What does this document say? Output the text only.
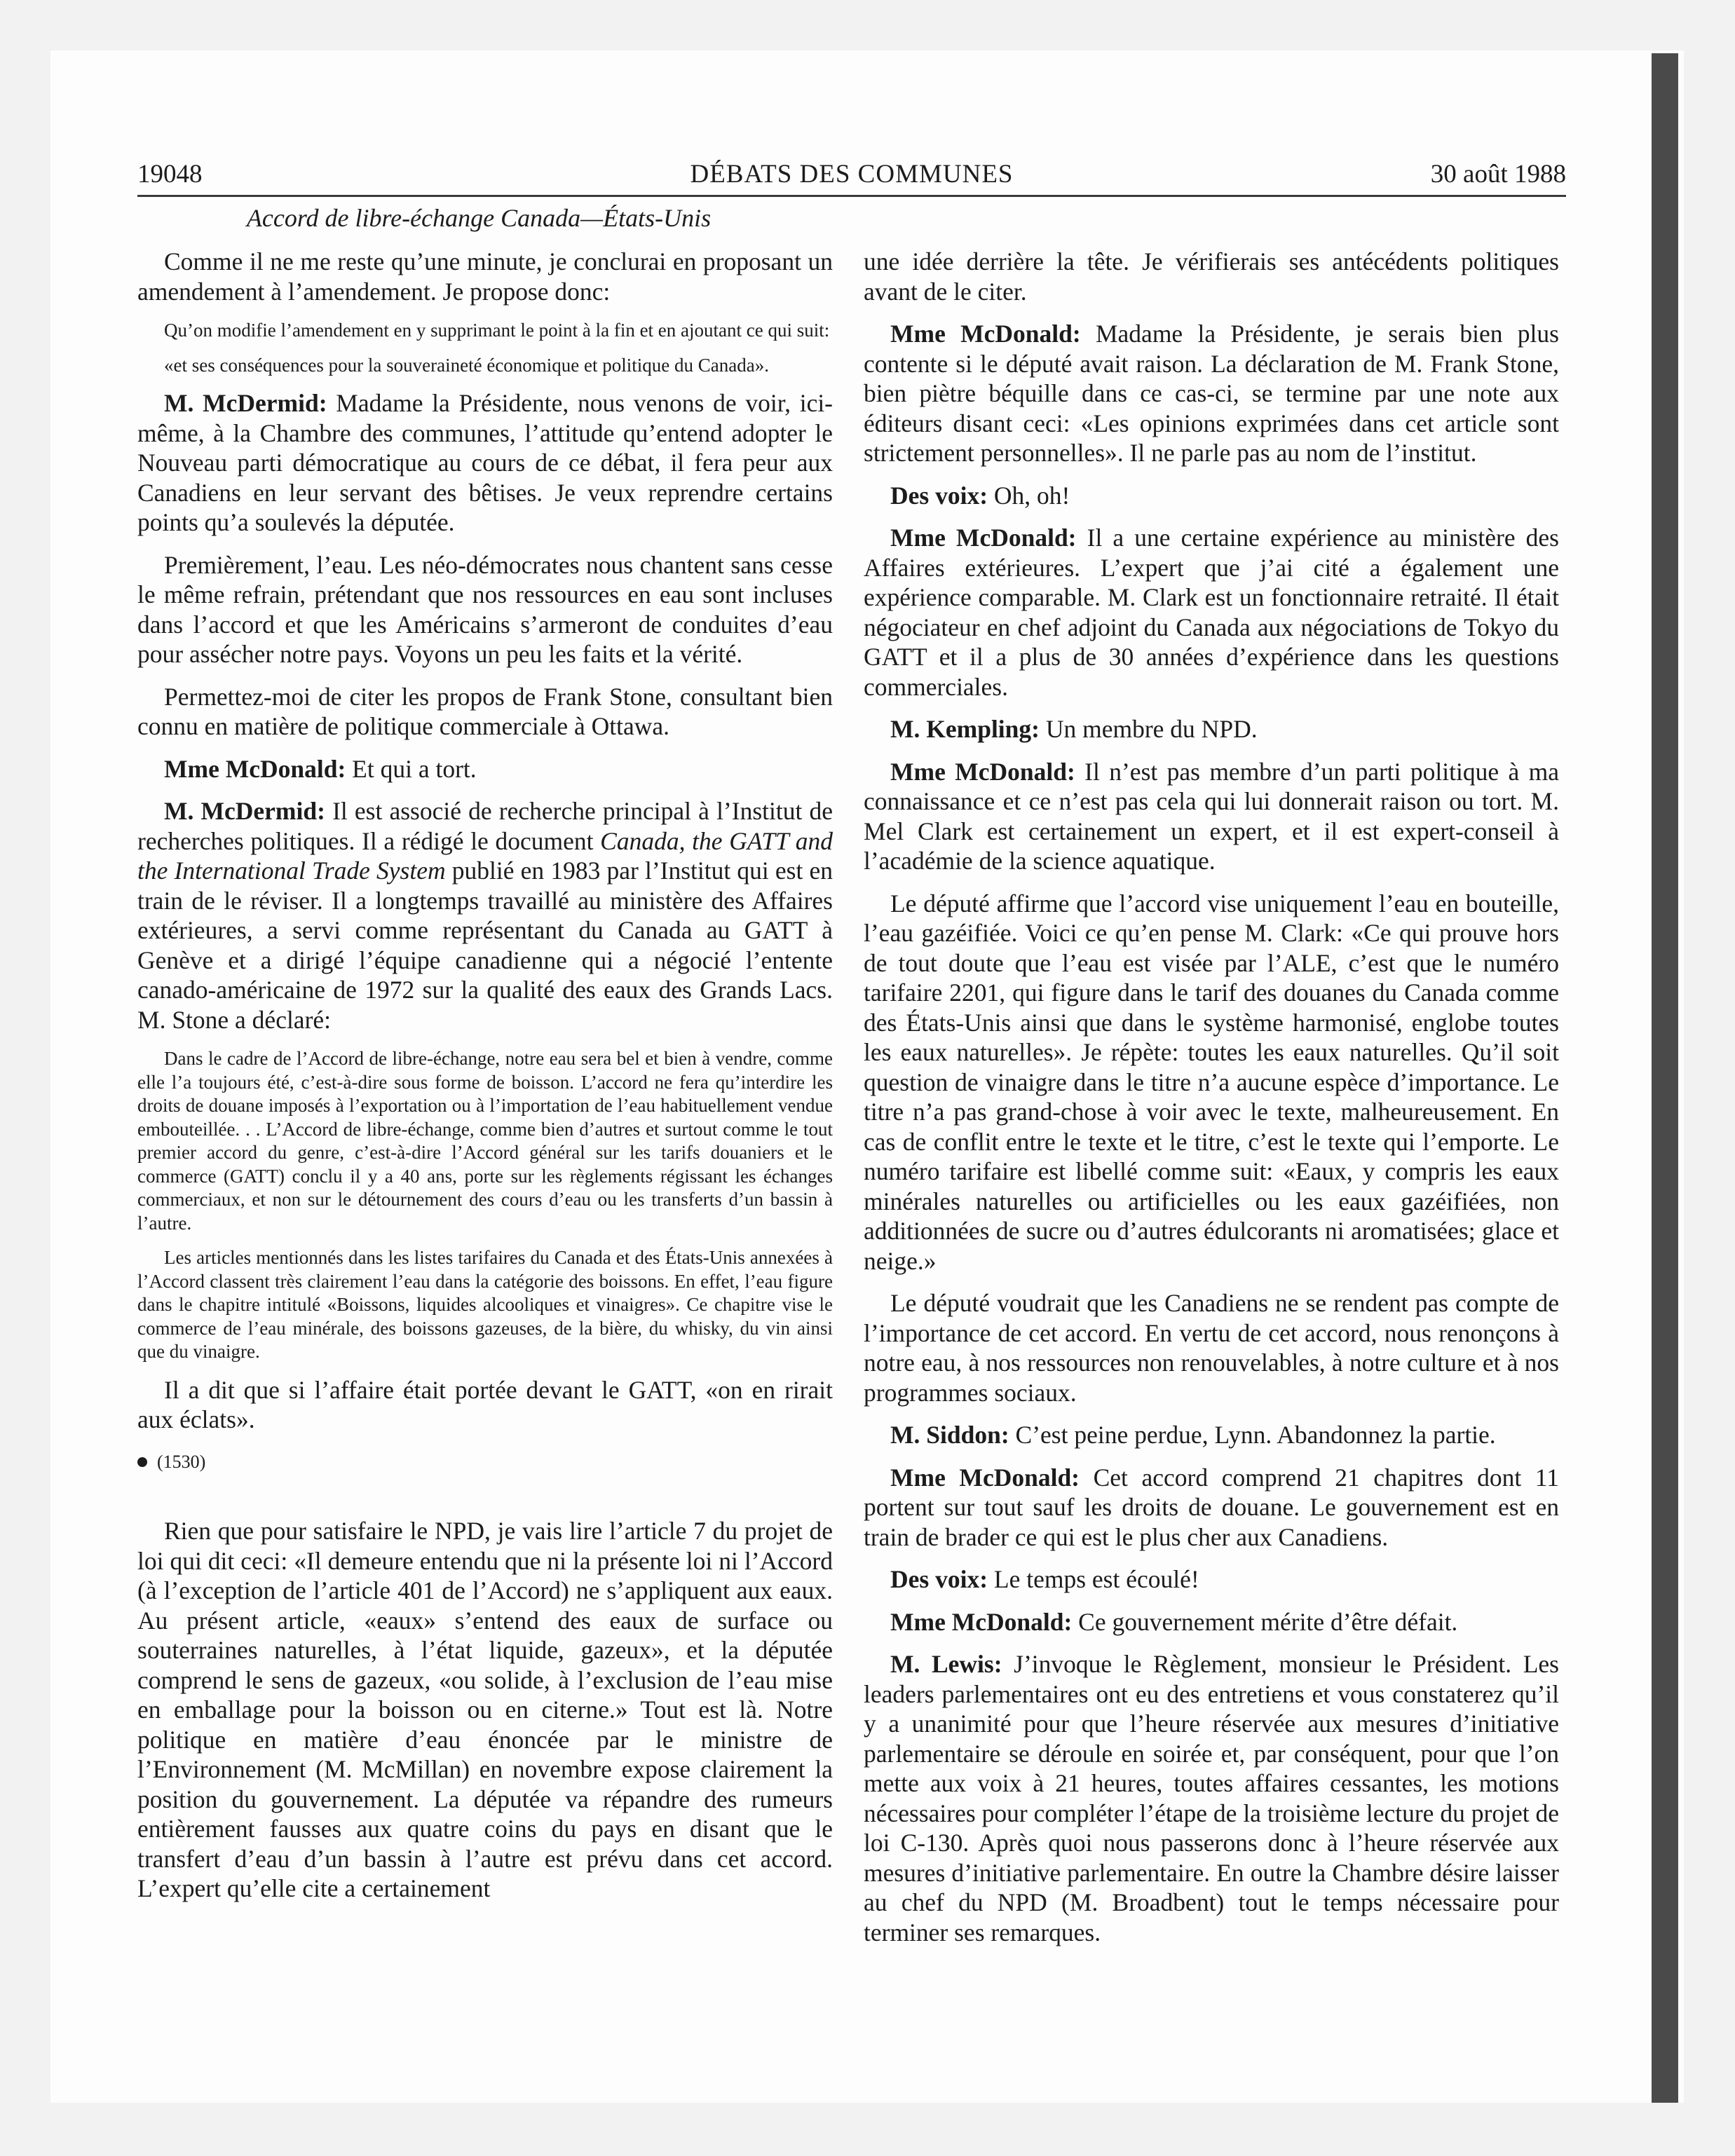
19048	DÉBATS DES COMMUNES	30 août 1988
Accord de libre-échange Canada—États-Unis

Comme il ne me reste qu’une minute, je conclurai en proposant un amendement à l’amendement. Je propose donc:

Qu’on modifie l’amendement en y supprimant le point à la fin et en ajoutant ce qui suit:

«et ses conséquences pour la souveraineté économique et politique du Canada».

M. McDermid: Madame la Présidente, nous venons de voir, ici-même, à la Chambre des communes, l’attitude qu’entend adopter le Nouveau parti démocratique au cours de ce débat, il fera peur aux Canadiens en leur servant des bêtises. Je veux reprendre certains points qu’a soulevés la députée.

Premièrement, l’eau. Les néo-démocrates nous chantent sans cesse le même refrain, prétendant que nos ressources en eau sont incluses dans l’accord et que les Américains s’armeront de conduites d’eau pour assécher notre pays. Voyons un peu les faits et la vérité.

Permettez-moi de citer les propos de Frank Stone, consultant bien connu en matière de politique commerciale à Ottawa.

Mme McDonald: Et qui a tort.

M. McDermid: Il est associé de recherche principal à l’Institut de recherches politiques. Il a rédigé le document Canada, the GATT and the International Trade System publié en 1983 par l’Institut qui est en train de le réviser. Il a longtemps travaillé au ministère des Affaires extérieures, a servi comme représentant du Canada au GATT à Genève et a dirigé l’équipe canadienne qui a négocié l’entente canado-américaine de 1972 sur la qualité des eaux des Grands Lacs. M. Stone a déclaré:

Dans le cadre de l’Accord de libre-échange, notre eau sera bel et bien à vendre, comme elle l’a toujours été, c’est-à-dire sous forme de boisson. L’accord ne fera qu’interdire les droits de douane imposés à l’exportation ou à l’importation de l’eau habituellement vendue embouteillée. . . L’Accord de libre-échange, comme bien d’autres et surtout comme le tout premier accord du genre, c’est-à-dire l’Accord général sur les tarifs douaniers et le commerce (GATT) conclu il y a 40 ans, porte sur les règlements régissant les échanges commerciaux, et non sur le détournement des cours d’eau ou les transferts d’un bassin à l’autre.

Les articles mentionnés dans les listes tarifaires du Canada et des États-Unis annexées à l’Accord classent très clairement l’eau dans la catégorie des boissons. En effet, l’eau figure dans le chapitre intitulé «Boissons, liquides alcooliques et vinaigres». Ce chapitre vise le commerce de l’eau minérale, des boissons gazeuses, de la bière, du whisky, du vin ainsi que du vinaigre.

Il a dit que si l’affaire était portée devant le GATT, «on en rirait aux éclats».

(1530)

Rien que pour satisfaire le NPD, je vais lire l’article 7 du projet de loi qui dit ceci: «Il demeure entendu que ni la présente loi ni l’Accord (à l’exception de l’article 401 de l’Accord) ne s’appliquent aux eaux. Au présent article, «eaux» s’entend des eaux de surface ou souterraines naturelles, à l’état liquide, gazeux», et la députée comprend le sens de gazeux, «ou solide, à l’exclusion de l’eau mise en emballage pour la boisson ou en citerne.» Tout est là. Notre politique en matière d’eau énoncée par le ministre de l’Environnement (M. McMillan) en novembre expose clairement la position du gouvernement. La députée va répandre des rumeurs entièrement fausses aux quatre coins du pays en disant que le transfert d’eau d’un bassin à l’autre est prévu dans cet accord. L’expert qu’elle cite a certainement

une idée derrière la tête. Je vérifierais ses antécédents politiques avant de le citer.

Mme McDonald: Madame la Présidente, je serais bien plus contente si le député avait raison. La déclaration de M. Frank Stone, bien piètre béquille dans ce cas-ci, se termine par une note aux éditeurs disant ceci: «Les opinions exprimées dans cet article sont strictement personnelles». Il ne parle pas au nom de l’institut.

Des voix: Oh, oh!

Mme McDonald: Il a une certaine expérience au ministère des Affaires extérieures. L’expert que j’ai cité a également une expérience comparable. M. Clark est un fonctionnaire retraité. Il était négociateur en chef adjoint du Canada aux négociations de Tokyo du GATT et il a plus de 30 années d’expérience dans les questions commerciales.

M. Kempling: Un membre du NPD.

Mme McDonald: Il n’est pas membre d’un parti politique à ma connaissance et ce n’est pas cela qui lui donnerait raison ou tort. M. Mel Clark est certainement un expert, et il est expert-conseil à l’académie de la science aquatique.

Le député affirme que l’accord vise uniquement l’eau en bouteille, l’eau gazéifiée. Voici ce qu’en pense M. Clark: «Ce qui prouve hors de tout doute que l’eau est visée par l’ALE, c’est que le numéro tarifaire 2201, qui figure dans le tarif des douanes du Canada comme des États-Unis ainsi que dans le système harmonisé, englobe toutes les eaux naturelles». Je répète: toutes les eaux naturelles. Qu’il soit question de vinaigre dans le titre n’a aucune espèce d’importance. Le titre n’a pas grand-chose à voir avec le texte, malheureusement. En cas de conflit entre le texte et le titre, c’est le texte qui l’emporte. Le numéro tarifaire est libellé comme suit: «Eaux, y compris les eaux minérales naturelles ou artificielles ou les eaux gazéifiées, non additionnées de sucre ou d’autres édulcorants ni aromatisées; glace et neige.»

Le député voudrait que les Canadiens ne se rendent pas compte de l’importance de cet accord. En vertu de cet accord, nous renonçons à notre eau, à nos ressources non renouvelables, à notre culture et à nos programmes sociaux.

M. Siddon: C’est peine perdue, Lynn. Abandonnez la partie.

Mme McDonald: Cet accord comprend 21 chapitres dont 11 portent sur tout sauf les droits de douane. Le gouvernement est en train de brader ce qui est le plus cher aux Canadiens.

Des voix: Le temps est écoulé!

Mme McDonald: Ce gouvernement mérite d’être défait.

M. Lewis: J’invoque le Règlement, monsieur le Président. Les leaders parlementaires ont eu des entretiens et vous constaterez qu’il y a unanimité pour que l’heure réservée aux mesures d’initiative parlementaire se déroule en soirée et, par conséquent, pour que l’on mette aux voix à 21 heures, toutes affaires cessantes, les motions nécessaires pour compléter l’étape de la troisième lecture du projet de loi C-130. Après quoi nous passerons donc à l’heure réservée aux mesures d’initiative parlementaire. En outre la Chambre désire laisser au chef du NPD (M. Broadbent) tout le temps nécessaire pour terminer ses remarques.
